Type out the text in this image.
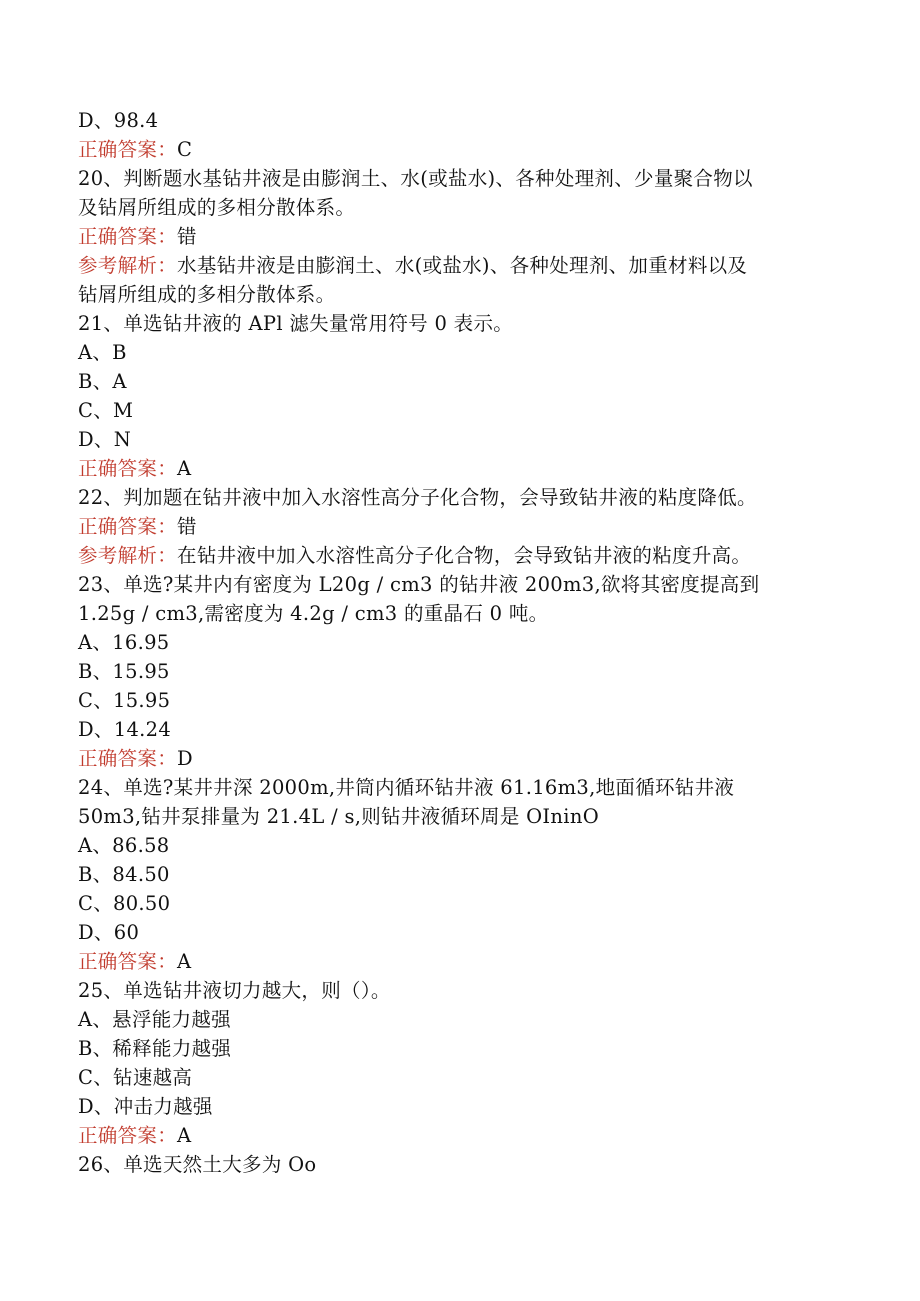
D、98.4
正确答案：C
20、判断题水基钻井液是由膨润土、水(或盐水)、各种处理剂、少量聚合物以
及钻屑所组成的多相分散体系。
正确答案：错
参考解析：水基钻井液是由膨润土、水(或盐水)、各种处理剂、加重材料以及
钻屑所组成的多相分散体系。
21、单选钻井液的 APl 滤失量常用符号 0 表示。
A、B
B、A
C、M
D、N
正确答案：A
22、判加题在钻井液中加入水溶性高分子化合物，会导致钻井液的粘度降低。
正确答案：错
参考解析：在钻井液中加入水溶性高分子化合物，会导致钻井液的粘度升高。
23、单选?某井内有密度为 L20g / cm3 的钻井液 200m3,欲将其密度提高到
1.25g / cm3,需密度为 4.2g / cm3 的重晶石 0 吨。
A、16.95
B、15.95
C、15.95
D、14.24
正确答案：D
24、单选?某井井深 2000m,井筒内循环钻井液 61.16m3,地面循环钻井液
50m3,钻井泵排量为 21.4L / s,则钻井液循环周是 OIninO
A、86.58
B、84.50
C、80.50
D、60
正确答案：A
25、单选钻井液切力越大，则（）。
A、悬浮能力越强
B、稀释能力越强
C、钻速越高
D、冲击力越强
正确答案：A
26、单选天然土大多为 Oo
